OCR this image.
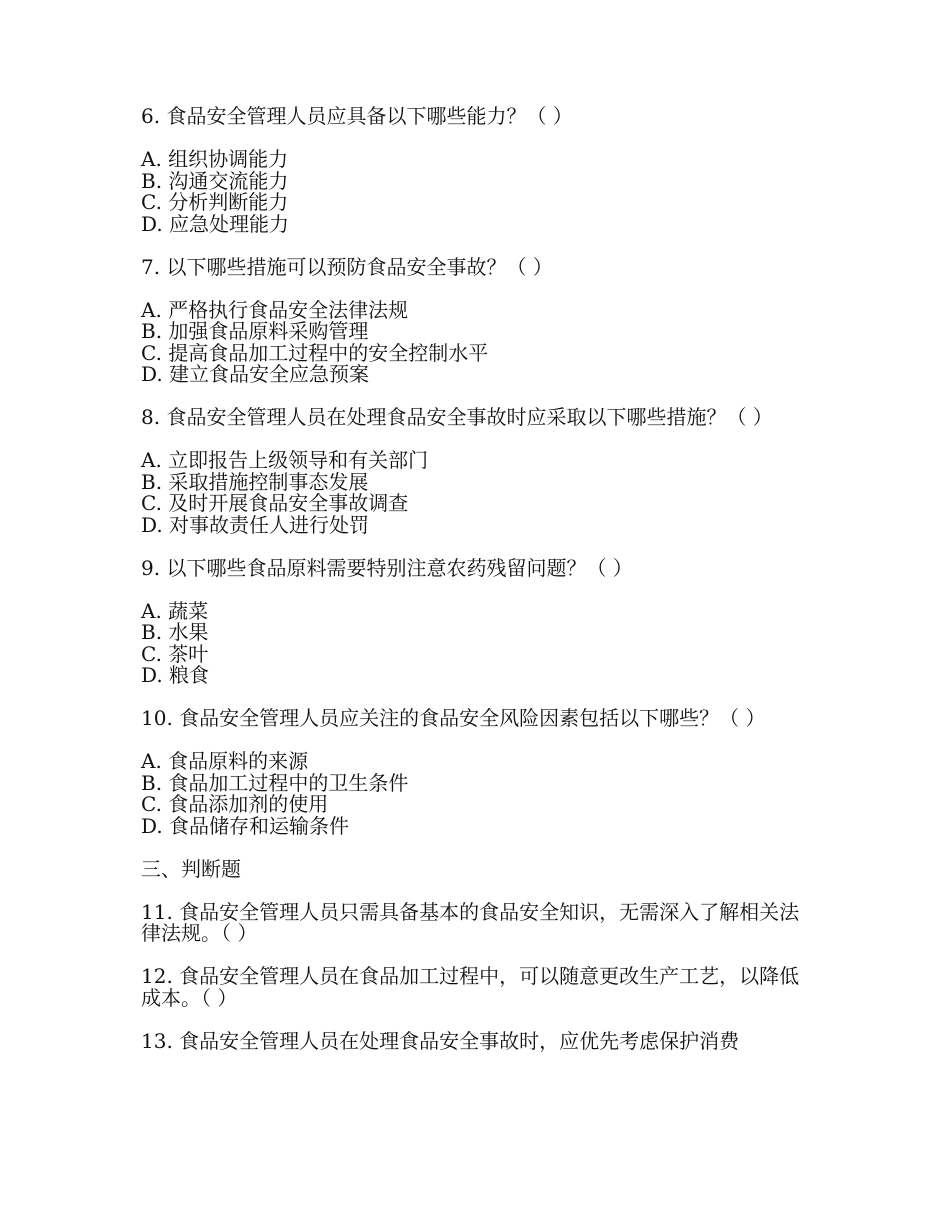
6. 食品安全管理人员应具备以下哪些能力？（ ）

A. 组织协调能力
B. 沟通交流能力
C. 分析判断能力
D. 应急处理能力

7. 以下哪些措施可以预防食品安全事故？（ ）

A. 严格执行食品安全法律法规
B. 加强食品原料采购管理
C. 提高食品加工过程中的安全控制水平
D. 建立食品安全应急预案

8. 食品安全管理人员在处理食品安全事故时应采取以下哪些措施？（ ）

A. 立即报告上级领导和有关部门
B. 采取措施控制事态发展
C. 及时开展食品安全事故调查
D. 对事故责任人进行处罚

9. 以下哪些食品原料需要特别注意农药残留问题？（ ）

A. 蔬菜
B. 水果
C. 茶叶
D. 粮食

10. 食品安全管理人员应关注的食品安全风险因素包括以下哪些？（ ）

A. 食品原料的来源
B. 食品加工过程中的卫生条件
C. 食品添加剂的使用
D. 食品储存和运输条件

三、判断题

11. 食品安全管理人员只需具备基本的食品安全知识，无需深入了解相关法律法规。（ ）

12. 食品安全管理人员在食品加工过程中，可以随意更改生产工艺，以降低成本。（ ）

13. 食品安全管理人员在处理食品安全事故时，应优先考虑保护消费
